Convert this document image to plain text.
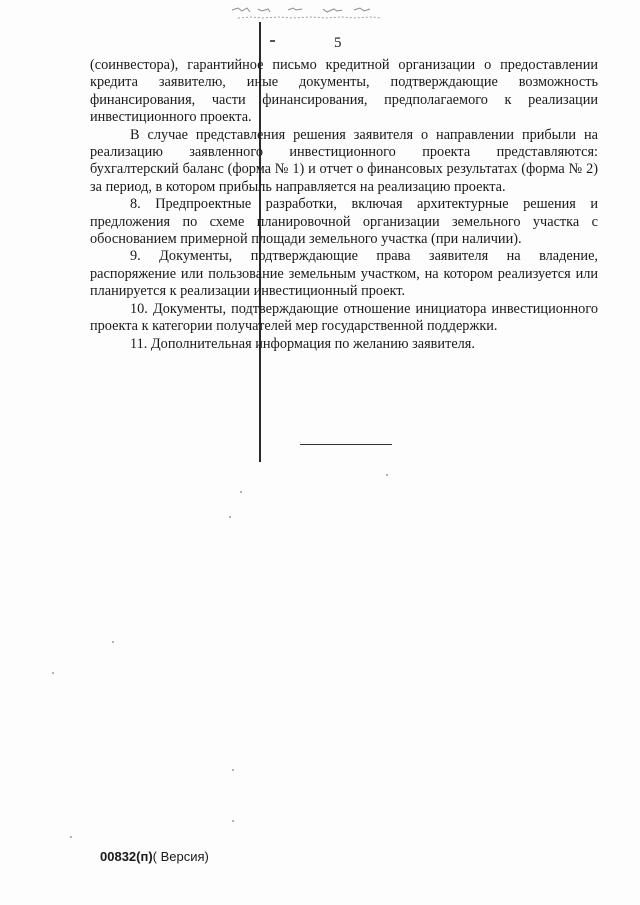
5

(соинвестора), гарантийное письмо кредитной организации о предоставлении кредита заявителю, иные документы, подтверждающие возможность финансирования, части финансирования, предполагаемого к реализации инвестиционного проекта.

В случае представления решения заявителя о направлении прибыли на реализацию заявленного инвестиционного проекта представляются: бухгалтерский баланс (форма № 1) и отчет о финансовых результатах (форма № 2) за период, в котором прибыль направляется на реализацию проекта.

8. Предпроектные разработки, включая архитектурные решения и предложения по схеме планировочной организации земельного участка с обоснованием примерной площади земельного участка (при наличии).

9. Документы, подтверждающие права заявителя на владение, распоряжение или пользование земельным участком, на котором реализуется или планируется к реализации инвестиционный проект.

10. Документы, подтверждающие отношение инициатора инвестиционного проекта к категории получателей мер государственной поддержки.

11. Дополнительная информация по желанию заявителя.

00832(п)( Версия)
